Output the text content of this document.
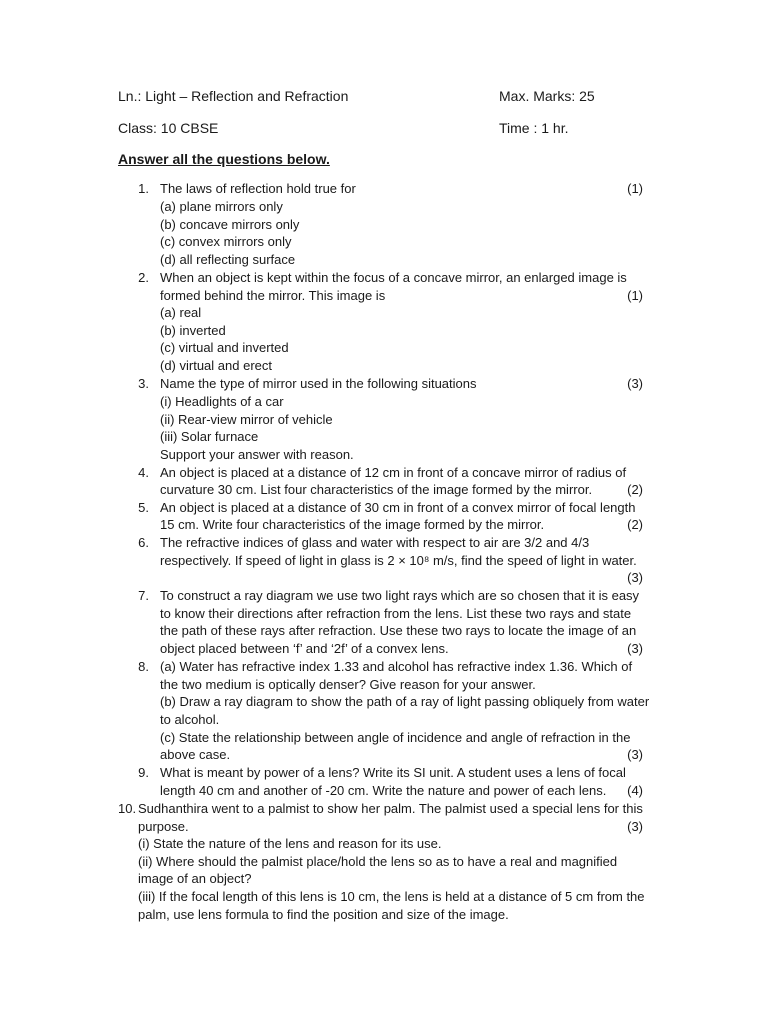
Ln.: Light – Reflection and Refraction	Max. Marks: 25
Class: 10 CBSE	Time : 1 hr.
Answer all the questions below.
1. The laws of reflection hold true for	(1)
(a) plane mirrors only
(b) concave mirrors only
(c) convex mirrors only
(d) all reflecting surface
2. When an object is kept within the focus of a concave mirror, an enlarged image is
formed behind the mirror. This image is	(1)
(a) real
(b) inverted
(c) virtual and inverted
(d) virtual and erect
3. Name the type of mirror used in the following situations	(3)
(i) Headlights of a car
(ii) Rear-view mirror of vehicle
(iii) Solar furnace
Support your answer with reason.
4. An object is placed at a distance of 12 cm in front of a concave mirror of radius of
curvature 30 cm. List four characteristics of the image formed by the mirror.	(2)
5. An object is placed at a distance of 30 cm in front of a convex mirror of focal length
15 cm. Write four characteristics of the image formed by the mirror.	(2)
6. The refractive indices of glass and water with respect to air are 3/2 and 4/3
respectively. If speed of light in glass is 2 × 10⁸ m/s, find the speed of light in water.
(3)
7. To construct a ray diagram we use two light rays which are so chosen that it is easy
to know their directions after refraction from the lens. List these two rays and state
the path of these rays after refraction. Use these two rays to locate the image of an
object placed between ‘f’ and ‘2f’ of a convex lens.	(3)
8. (a) Water has refractive index 1.33 and alcohol has refractive index 1.36. Which of
the two medium is optically denser? Give reason for your answer.
(b) Draw a ray diagram to show the path of a ray of light passing obliquely from water
to alcohol.
(c) State the relationship between angle of incidence and angle of refraction in the
above case.	(3)
9. What is meant by power of a lens? Write its SI unit. A student uses a lens of focal
length 40 cm and another of -20 cm. Write the nature and power of each lens.	(4)
10. Sudhanthira went to a palmist to show her palm. The palmist used a special lens for this
purpose.	(3)
(i) State the nature of the lens and reason for its use.
(ii) Where should the palmist place/hold the lens so as to have a real and magnified
image of an object?
(iii) If the focal length of this lens is 10 cm, the lens is held at a distance of 5 cm from the
palm, use lens formula to find the position and size of the image.
